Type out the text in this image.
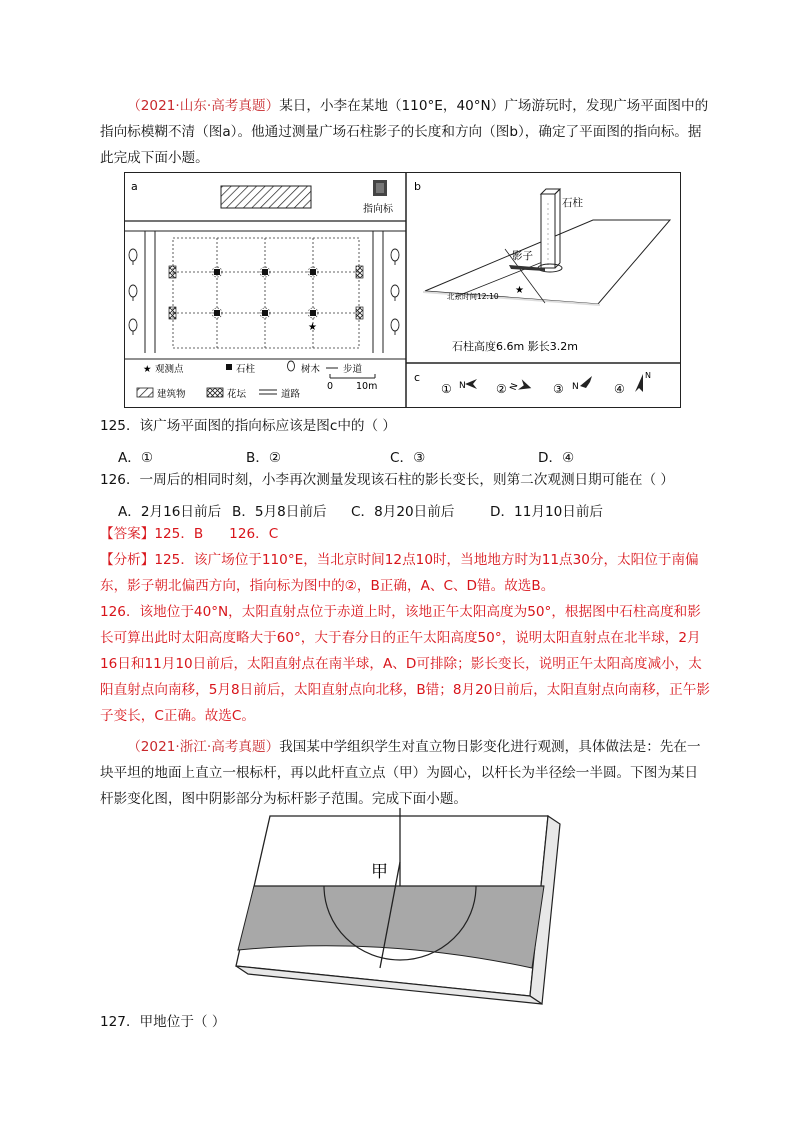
（2021·山东·高考真题）某日，小李在某地（110°E，40°N）广场游玩时，发现广场平面图中的指向标模糊不清（图a）。他通过测量广场石柱影子的长度和方向（图b），确定了平面图的指向标。据此完成下面小题。

a
指向标
★
★ 观测点	石柱	树木 步道
0 10m
建筑物	花坛	道路
b
石柱
影子
★
北京时间12:10
石柱高度6.6m 影长3.2m
c
① N	② N	③ N	④
N

125．该广场平面图的指向标应该是图c中的（ ）

A．①	B．②	C．③	D．④

126．一周后的相同时刻，小李再次测量发现该石柱的影长变长，则第二次观测日期可能在（ ）

A．2月16日前后 B．5月8日前后	C．8月20日前后	D．11月10日前后

【答案】125．B      126．C

【分析】125．该广场位于110°E，当北京时间12点10时，当地地方时为11点30分，太阳位于南偏东，影子朝北偏西方向，指向标为图中的②，B正确，A、C、D错。故选B。

126．该地位于40°N，太阳直射点位于赤道上时，该地正午太阳高度为50°，根据图中石柱高度和影长可算出此时太阳高度略大于60°，大于春分日的正午太阳高度50°，说明太阳直射点在北半球，2月16日和11月10日前后，太阳直射点在南半球，A、D可排除；影长变长，说明正午太阳高度减小，太阳直射点向南移，5月8日前后，太阳直射点向北移，B错；8月20日前后，太阳直射点向南移，正午影子变长，C正确。故选C。

（2021·浙江·高考真题）我国某中学组织学生对直立物日影变化进行观测，具体做法是：先在一块平坦的地面上直立一根标杆，再以此杆直立点（甲）为圆心，以杆长为半径绘一半圆。下图为某日杆影变化图，图中阴影部分为标杆影子范围。完成下面小题。

甲

127．甲地位于（ ）
